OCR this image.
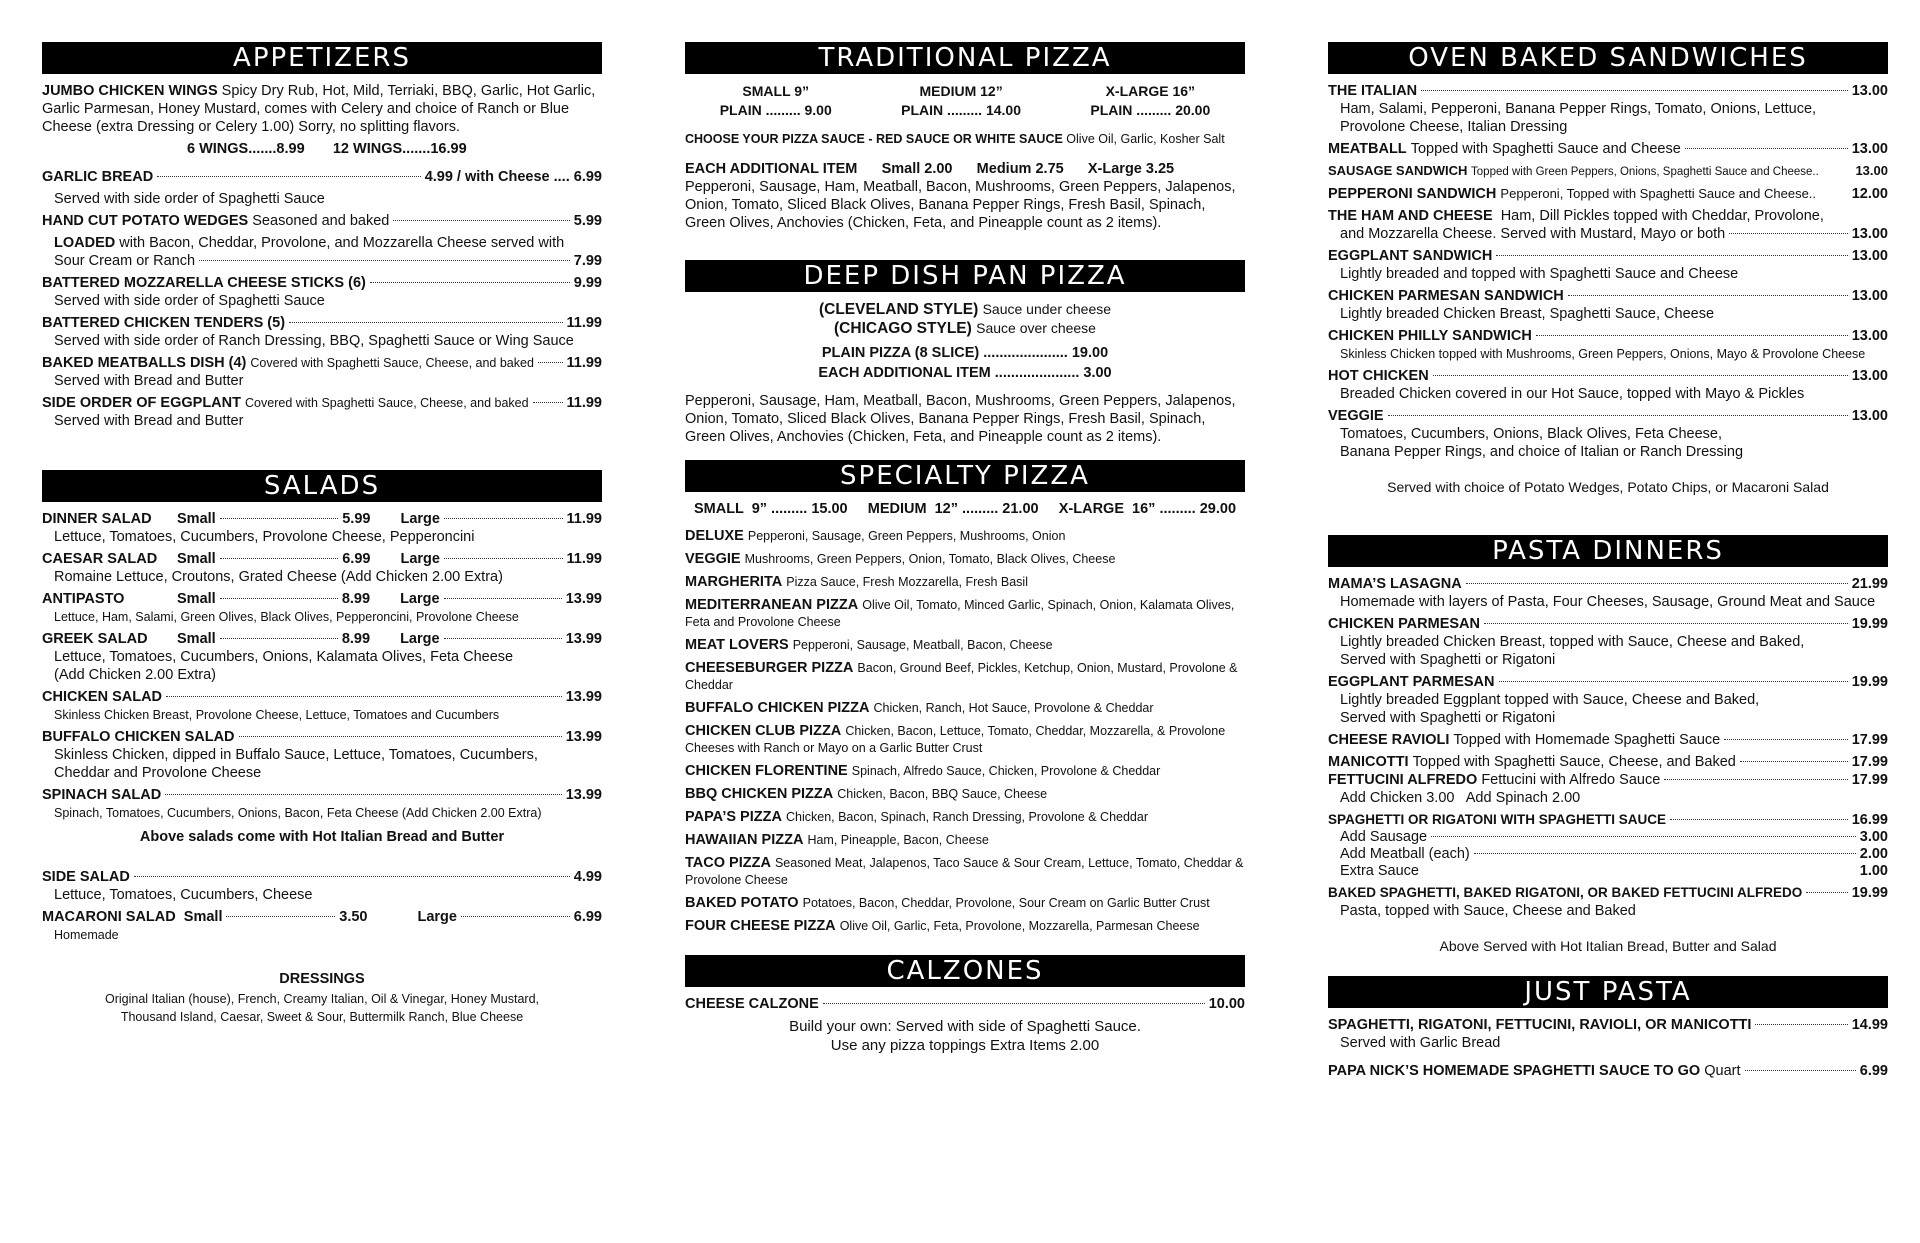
APPETIZERS
JUMBO CHICKEN WINGS Spicy Dry Rub, Hot, Mild, Terriaki, BBQ, Garlic, Hot Garlic, Garlic Parmesan, Honey Mustard, comes with Celery and choice of Ranch or Blue Cheese (extra Dressing or Celery 1.00) Sorry, no splitting flavors.
6 WINGS.......8.99 12 WINGS.......16.99
GARLIC BREAD	4.99 / with Cheese .... 6.99
Served with side order of Spaghetti Sauce
HAND CUT POTATO WEDGES
Seasoned and baked	5.99
LOADED with Bacon, Cheddar, Provolone, and Mozzarella Cheese served with
Sour Cream or Ranch	7.99
BATTERED MOZZARELLA CHEESE STICKS (6)	9.99
Served with side order of Spaghetti Sauce
BATTERED CHICKEN TENDERS (5)	11.99
Served with side order of Ranch Dressing, BBQ, Spaghetti Sauce or Wing Sauce
BAKED MEATBALLS DISH (4)
Covered with Spaghetti Sauce, Cheese, and baked 11.99
Served with Bread and Butter
SIDE ORDER OF EGGPLANT
Covered with Spaghetti Sauce, Cheese, and baked	11.99
Served with Bread and Butter
SALADS
DINNER SALAD	Small	5.99 Large	11.99
Lettuce, Tomatoes, Cucumbers, Provolone Cheese, Pepperoncini
CAESAR SALAD	Small	6.99 Large	11.99
Romaine Lettuce, Croutons, Grated Cheese (Add Chicken 2.00 Extra)
ANTIPASTO	Small	8.99 Large	13.99
Lettuce, Ham, Salami, Green Olives, Black Olives, Pepperoncini, Provolone Cheese
GREEK SALAD	Small	8.99 Large	13.99
Lettuce, Tomatoes, Cucumbers, Onions, Kalamata Olives, Feta Cheese
(Add Chicken 2.00 Extra)
CHICKEN SALAD	13.99
Skinless Chicken Breast, Provolone Cheese, Lettuce, Tomatoes and Cucumbers
BUFFALO CHICKEN SALAD	13.99
Skinless Chicken, dipped in Buffalo Sauce, Lettuce, Tomatoes, Cucumbers,
Cheddar and Provolone Cheese
SPINACH SALAD	13.99
Spinach, Tomatoes, Cucumbers, Onions, Bacon, Feta Cheese (Add Chicken 2.00 Extra)
Above salads come with Hot Italian Bread and Butter
SIDE SALAD	4.99
Lettuce, Tomatoes, Cucumbers, Cheese
MACARONI SALAD
Small	3.50	Large	6.99
Homemade
DRESSINGS
Original Italian (house), French, Creamy Italian, Oil & Vinegar, Honey Mustard,
Thousand Island, Caesar, Sweet & Sour, Buttermilk Ranch, Blue Cheese
TRADITIONAL PIZZA
SMALL 9”
PLAIN ......... 9.00
MEDIUM 12”
PLAIN ......... 14.00
X-LARGE 16”
PLAIN ......... 20.00
CHOOSE YOUR PIZZA SAUCE - RED SAUCE OR WHITE SAUCE Olive Oil, Garlic, Kosher Salt
EACH ADDITIONAL ITEM Small 2.00 Medium 2.75 X-Large 3.25
Pepperoni, Sausage, Ham, Meatball, Bacon, Mushrooms, Green Peppers, Jalapenos, Onion, Tomato, Sliced Black Olives, Banana Pepper Rings, Fresh Basil, Spinach, Green Olives, Anchovies (Chicken, Feta, and Pineapple count as 2 items).
DEEP DISH PAN PIZZA
(CLEVELAND STYLE) Sauce under cheese
(CHICAGO STYLE) Sauce over cheese
PLAIN PIZZA (8 SLICE) ..................... 19.00
EACH ADDITIONAL ITEM ..................... 3.00
Pepperoni, Sausage, Ham, Meatball, Bacon, Mushrooms, Green Peppers, Jalapenos, Onion, Tomato, Sliced Black Olives, Banana Pepper Rings, Fresh Basil, Spinach, Green Olives, Anchovies (Chicken, Feta, and Pineapple count as 2 items).
SPECIALTY PIZZA
SMALL  9” ......... 15.00     MEDIUM  12” ......... 21.00     X-LARGE  16” ......... 29.00
DELUXE Pepperoni, Sausage, Green Peppers, Mushrooms, Onion
VEGGIE Mushrooms, Green Peppers, Onion, Tomato, Black Olives, Cheese
MARGHERITA Pizza Sauce, Fresh Mozzarella, Fresh Basil
MEDITERRANEAN PIZZA Olive Oil, Tomato, Minced Garlic, Spinach, Onion, Kalamata Olives, Feta and Provolone Cheese
MEAT LOVERS Pepperoni, Sausage, Meatball, Bacon, Cheese
CHEESEBURGER PIZZA Bacon, Ground Beef, Pickles, Ketchup, Onion, Mustard, Provolone & Cheddar
BUFFALO CHICKEN PIZZA Chicken, Ranch, Hot Sauce, Provolone & Cheddar
CHICKEN CLUB PIZZA Chicken, Bacon, Lettuce, Tomato, Cheddar, Mozzarella, & Provolone Cheeses with Ranch or Mayo on a Garlic Butter Crust
CHICKEN FLORENTINE Spinach, Alfredo Sauce, Chicken, Provolone & Cheddar
BBQ CHICKEN PIZZA Chicken, Bacon, BBQ Sauce, Cheese
PAPA’S PIZZA Chicken, Bacon, Spinach, Ranch Dressing, Provolone & Cheddar
HAWAIIAN PIZZA Ham, Pineapple, Bacon, Cheese
TACO PIZZA Seasoned Meat, Jalapenos, Taco Sauce & Sour Cream, Lettuce, Tomato, Cheddar & Provolone Cheese
BAKED POTATO Potatoes, Bacon, Cheddar, Provolone, Sour Cream on Garlic Butter Crust
FOUR CHEESE PIZZA Olive Oil, Garlic, Feta, Provolone, Mozzarella, Parmesan Cheese
CALZONES
CHEESE CALZONE	10.00
Build your own: Served with side of Spaghetti Sauce.
Use any pizza toppings Extra Items 2.00
OVEN BAKED SANDWICHES
THE ITALIAN	13.00
Ham, Salami, Pepperoni, Banana Pepper Rings, Tomato, Onions, Lettuce,
Provolone Cheese, Italian Dressing
MEATBALL
Topped with Spaghetti Sauce and Cheese	13.00
SAUSAGE SANDWICH
Topped with Green Peppers, Onions, Spaghetti Sauce and Cheese..	13.00
PEPPERONI SANDWICH
Pepperoni, Topped with Spaghetti Sauce and Cheese.. 12.00
THE HAM AND CHEESE Ham, Dill Pickles topped with Cheddar, Provolone,
and Mozzarella Cheese. Served with Mustard, Mayo or both	13.00
EGGPLANT SANDWICH	13.00
Lightly breaded and topped with Spaghetti Sauce and Cheese
CHICKEN PARMESAN SANDWICH	13.00
Lightly breaded Chicken Breast, Spaghetti Sauce, Cheese
CHICKEN PHILLY SANDWICH	13.00
Skinless Chicken topped with Mushrooms, Green Peppers, Onions, Mayo & Provolone Cheese
HOT CHICKEN	13.00
Breaded Chicken covered in our Hot Sauce, topped with Mayo & Pickles
VEGGIE	13.00
Tomatoes, Cucumbers, Onions, Black Olives, Feta Cheese,
Banana Pepper Rings, and choice of Italian or Ranch Dressing
Served with choice of Potato Wedges, Potato Chips, or Macaroni Salad
PASTA DINNERS
MAMA’S LASAGNA	21.99
Homemade with layers of Pasta, Four Cheeses, Sausage, Ground Meat and Sauce
CHICKEN PARMESAN	19.99
Lightly breaded Chicken Breast, topped with Sauce, Cheese and Baked,
Served with Spaghetti or Rigatoni
EGGPLANT PARMESAN	19.99
Lightly breaded Eggplant topped with Sauce, Cheese and Baked,
Served with Spaghetti or Rigatoni
CHEESE RAVIOLI
Topped with Homemade Spaghetti Sauce	17.99
MANICOTTI
Topped with Spaghetti Sauce, Cheese, and Baked	17.99
FETTUCINI ALFREDO
Fettucini with Alfredo Sauce	17.99
Add Chicken 3.00   Add Spinach 2.00
SPAGHETTI OR RIGATONI WITH SPAGHETTI SAUCE	16.99
Add Sausage	3.00
Add Meatball (each)	2.00
Extra Sauce	1.00
BAKED SPAGHETTI, BAKED RIGATONI, OR BAKED FETTUCINI ALFREDO	19.99
Pasta, topped with Sauce, Cheese and Baked
Above Served with Hot Italian Bread, Butter and Salad
JUST PASTA
SPAGHETTI, RIGATONI, FETTUCINI, RAVIOLI, OR MANICOTTI	14.99
Served with Garlic Bread
PAPA NICK’S HOMEMADE SPAGHETTI SAUCE TO GO
Quart	6.99
